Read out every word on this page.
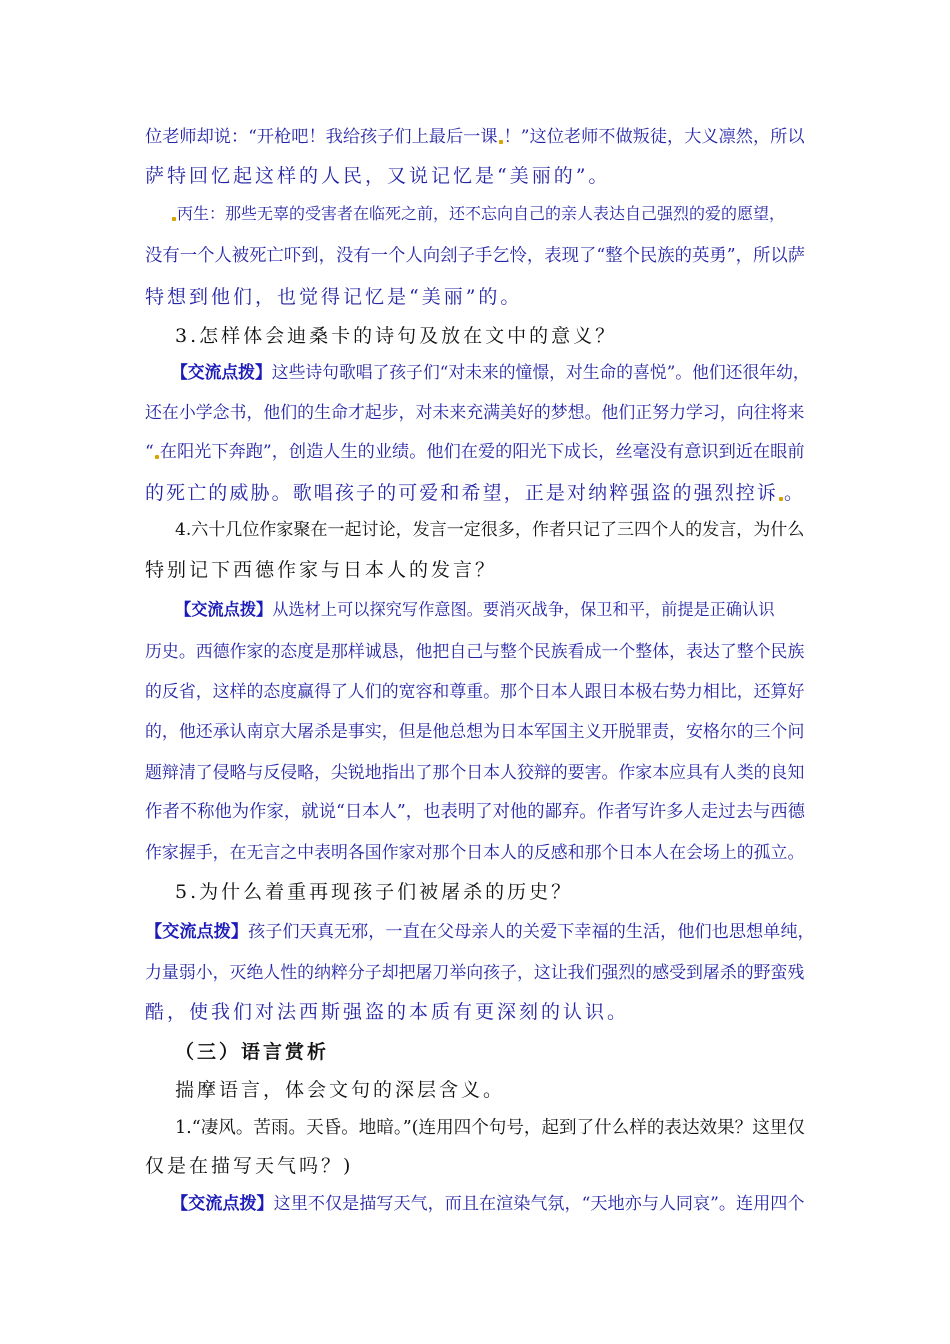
位老师却说：“开枪吧！我给孩子们上最后一课 ！”这位老师不做叛徒，大义凛然，所以
萨特回忆起这样的人民，又说记忆是“美丽的”。
丙生：那些无辜的受害者在临死之前，还不忘向自己的亲人表达自己强烈的爱的愿望，
没有一个人被死亡吓到，没有一个人向刽子手乞怜，表现了“整个民族的英勇”，所以萨
特想到他们，也觉得记忆是“美丽”的。
3.怎样体会迪桑卡的诗句及放在文中的意义？
【交流点拨】这些诗句歌唱了孩子们“对未来的憧憬，对生命的喜悦”。他们还很年幼，
还在小学念书，他们的生命才起步，对未来充满美好的梦想。他们正努力学习，向往将来
“ 在阳光下奔跑”，创造人生的业绩。他们在爱的阳光下成长，丝毫没有意识到近在眼前
的死亡的威胁。歌唱孩子的可爱和希望，正是对纳粹强盗的强烈控诉 。
4.六十几位作家聚在一起讨论，发言一定很多，作者只记了三四个人的发言，为什么
特别记下西德作家与日本人的发言？
【交流点拨】从选材上可以探究写作意图。要消灭战争，保卫和平，前提是正确认识
历史。西德作家的态度是那样诚恳，他把自己与整个民族看成一个整体，表达了整个民族
的反省，这样的态度赢得了人们的宽容和尊重。那个日本人跟日本极右势力相比，还算好
的，他还承认南京大屠杀是事实，但是他总想为日本军国主义开脱罪责，安格尔的三个问
题辩清了侵略与反侵略，尖锐地指出了那个日本人狡辩的要害。作家本应具有人类的良知
作者不称他为作家，就说“日本人”，也表明了对他的鄙弃。作者写许多人走过去与西德
作家握手，在无言之中表明各国作家对那个日本人的反感和那个日本人在会场上的孤立。
5.为什么着重再现孩子们被屠杀的历史？
【交流点拨】孩子们天真无邪，一直在父母亲人的关爱下幸福的生活，他们也思想单纯，
力量弱小，灭绝人性的纳粹分子却把屠刀举向孩子，这让我们强烈的感受到屠杀的野蛮残
酷，使我们对法西斯强盗的本质有更深刻的认识。
（三）语言赏析
揣摩语言，体会文句的深层含义。
1.“凄风。苦雨。天昏。地暗。”(连用四个句号，起到了什么样的表达效果？这里仅
仅是在描写天气吗？)
【交流点拨】这里不仅是描写天气，而且在渲染气氛，“天地亦与人同哀”。连用四个
